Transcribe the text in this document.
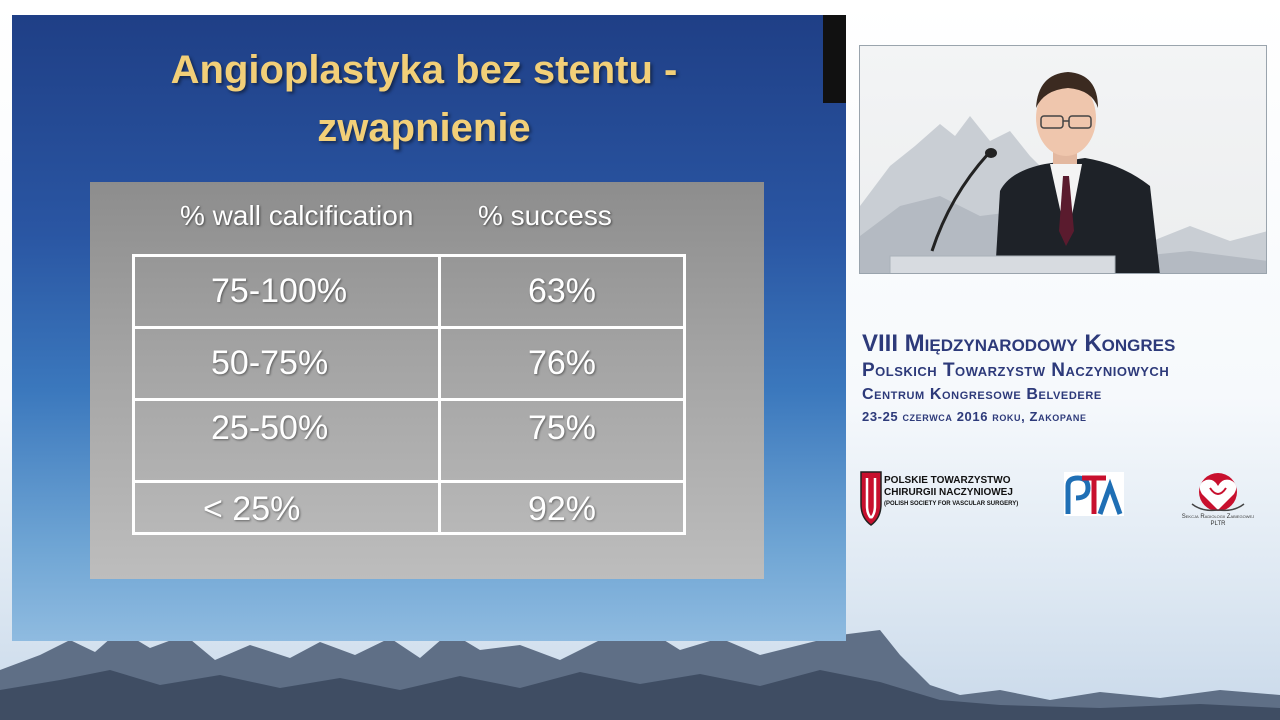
Angioplastyka bez stentu -
zwapnienie
% wall calcification % success
75-100%	63%
50-75%	76%
25-50%	75%
< 25%	92%
VIII Międzynarodowy Kongres
Polskich Towarzystw Naczyniowych
Centrum Kongresowe Belvedere
23-25 czerwca 2016 roku, Zakopane
POLSKIE TOWARZYSTWO
CHIRURGII NACZYNIOWEJ
(POLISH SOCIETY FOR VASCULAR SURGERY)
Sekcja Radiologii Zabiegowej
PLTR
